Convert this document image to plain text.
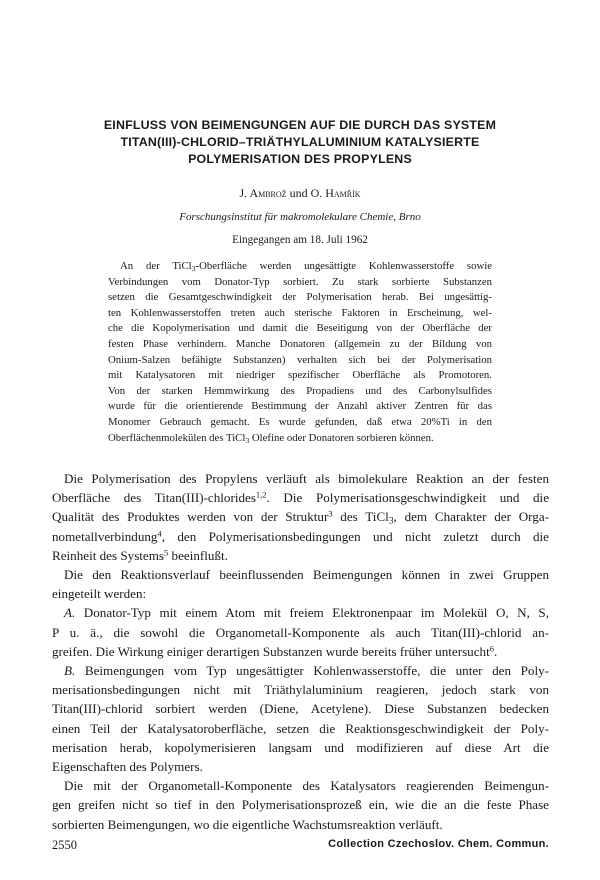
EINFLUSS VON BEIMENGUNGEN AUF DIE DURCH DAS SYSTEM
TITAN(III)-CHLORID–TRIÄTHYLALUMINIUM KATALYSIERTE
POLYMERISATION DES PROPYLENS
J. Ambrož und O. Hamřík
Forschungsinstitut für makromolekulare Chemie, Brno
Eingegangen am 18. Juli 1962
An der TiCl$_3$-Oberfläche werden ungesättigte Kohlenwasserstoffe sowie
Verbindungen vom Donator-Typ sorbiert. Zu stark sorbierte Substanzen
setzen die Gesamtgeschwindigkeit der Polymerisation herab. Bei ungesättig-
ten Kohlenwasserstoffen treten auch sterische Faktoren in Erscheinung, wel-
che die Kopolymerisation und damit die Beseitigung von der Oberfläche der
festen Phase verhindern. Manche Donatoren (allgemein zu der Bildung von
Onium-Salzen befähigte Substanzen) verhalten sich bei der Polymerisation
mit Katalysatoren mit niedriger spezifischer Oberfläche als Promotoren.
Von der starken Hemmwirkung des Propadiens und des Carbonylsulfides
wurde für die orientierende Bestimmung der Anzahl aktiver Zentren für das
Monomer Gebrauch gemacht. Es wurde gefunden, daß etwa 20%Ti in den
Oberflächenmolekülen des TiCl$_3$ Olefine oder Donatoren sorbieren können.
Die Polymerisation des Propylens verläuft als bimolekulare Reaktion an der festen
Oberfläche des Titan(III)-chlorides$^{1,2}$. Die Polymerisationsgeschwindigkeit und die
Qualität des Produktes werden von der Struktur$^3$ des TiCl$_3$, dem Charakter der Orga-
nometallverbindung$^4$, den Polymerisationsbedingungen und nicht zuletzt durch die
Reinheit des Systems$^5$ beeinflußt.
Die den Reaktionsverlauf beeinflussenden Beimengungen können in zwei Gruppen
eingeteilt werden:
A. Donator-Typ mit einem Atom mit freiem Elektronenpaar im Molekül O, N, S,
P u. ä., die sowohl die Organometall-Komponente als auch Titan(III)-chlorid an-
greifen. Die Wirkung einiger derartigen Substanzen wurde bereits früher untersucht$^6$.
B. Beimengungen vom Typ ungesättigter Kohlenwasserstoffe, die unter den Poly-
merisationsbedingungen nicht mit Triäthylaluminium reagieren, jedoch stark von
Titan(III)-chlorid sorbiert werden (Diene, Acetylene). Diese Substanzen bedecken
einen Teil der Katalysatoroberfläche, setzen die Reaktionsgeschwindigkeit der Poly-
merisation herab, kopolymerisieren langsam und modifizieren auf diese Art die
Eigenschaften des Polymers.
Die mit der Organometall-Komponente des Katalysators reagierenden Beimengun-
gen greifen nicht so tief in den Polymerisationsprozeß ein, wie die an die feste Phase
sorbierten Beimengungen, wo die eigentliche Wachstumsreaktion verläuft.
2550	Collection Czechoslov. Chem. Commun.
